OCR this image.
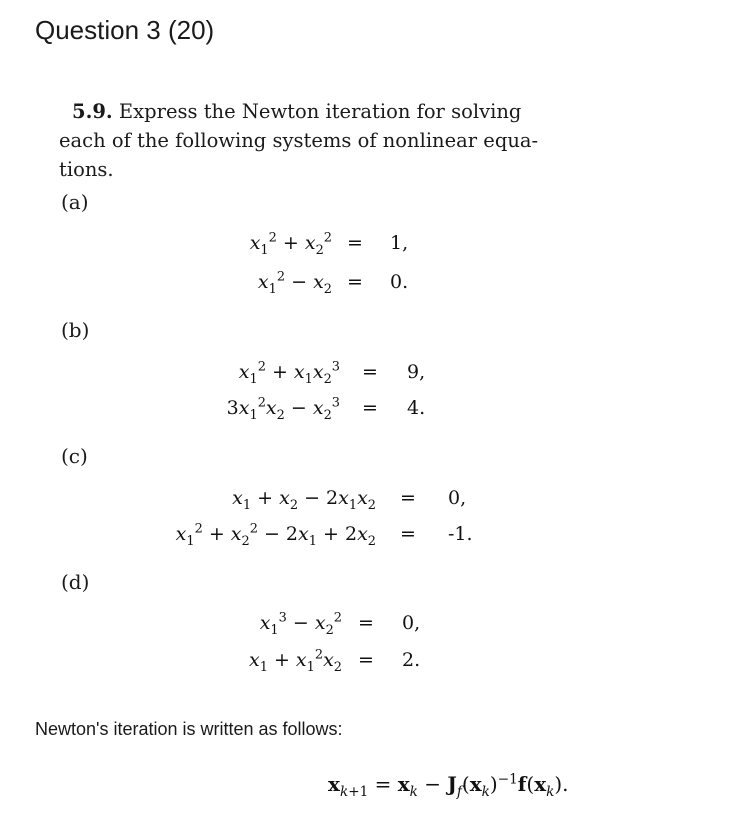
Question 3 (20)
5.9. Express the Newton iteration for solving
each of the following systems of nonlinear equa-
tions.
(a)
$x_1^2 + x_2^2 = 1$,
$x_1^2 - x_2 = 0$.
(b)
$x_1^2 + x_1x_2^3 = 9$,
$3x_1^2x_2 - x_2^3 = 4$.
(c)
$x_1 + x_2 - 2x_1x_2 = 0$,
$x_1^2 + x_2^2 - 2x_1 + 2x_2 = -1$.
(d)
$x_1^3 - x_2^2 = 0$,
$x_1 + x_1^2x_2 = 2$.
Newton's iteration is written as follows:
$x_{k+1} = x_k - J_f(x_k)^{-1}f(x_k)$.
